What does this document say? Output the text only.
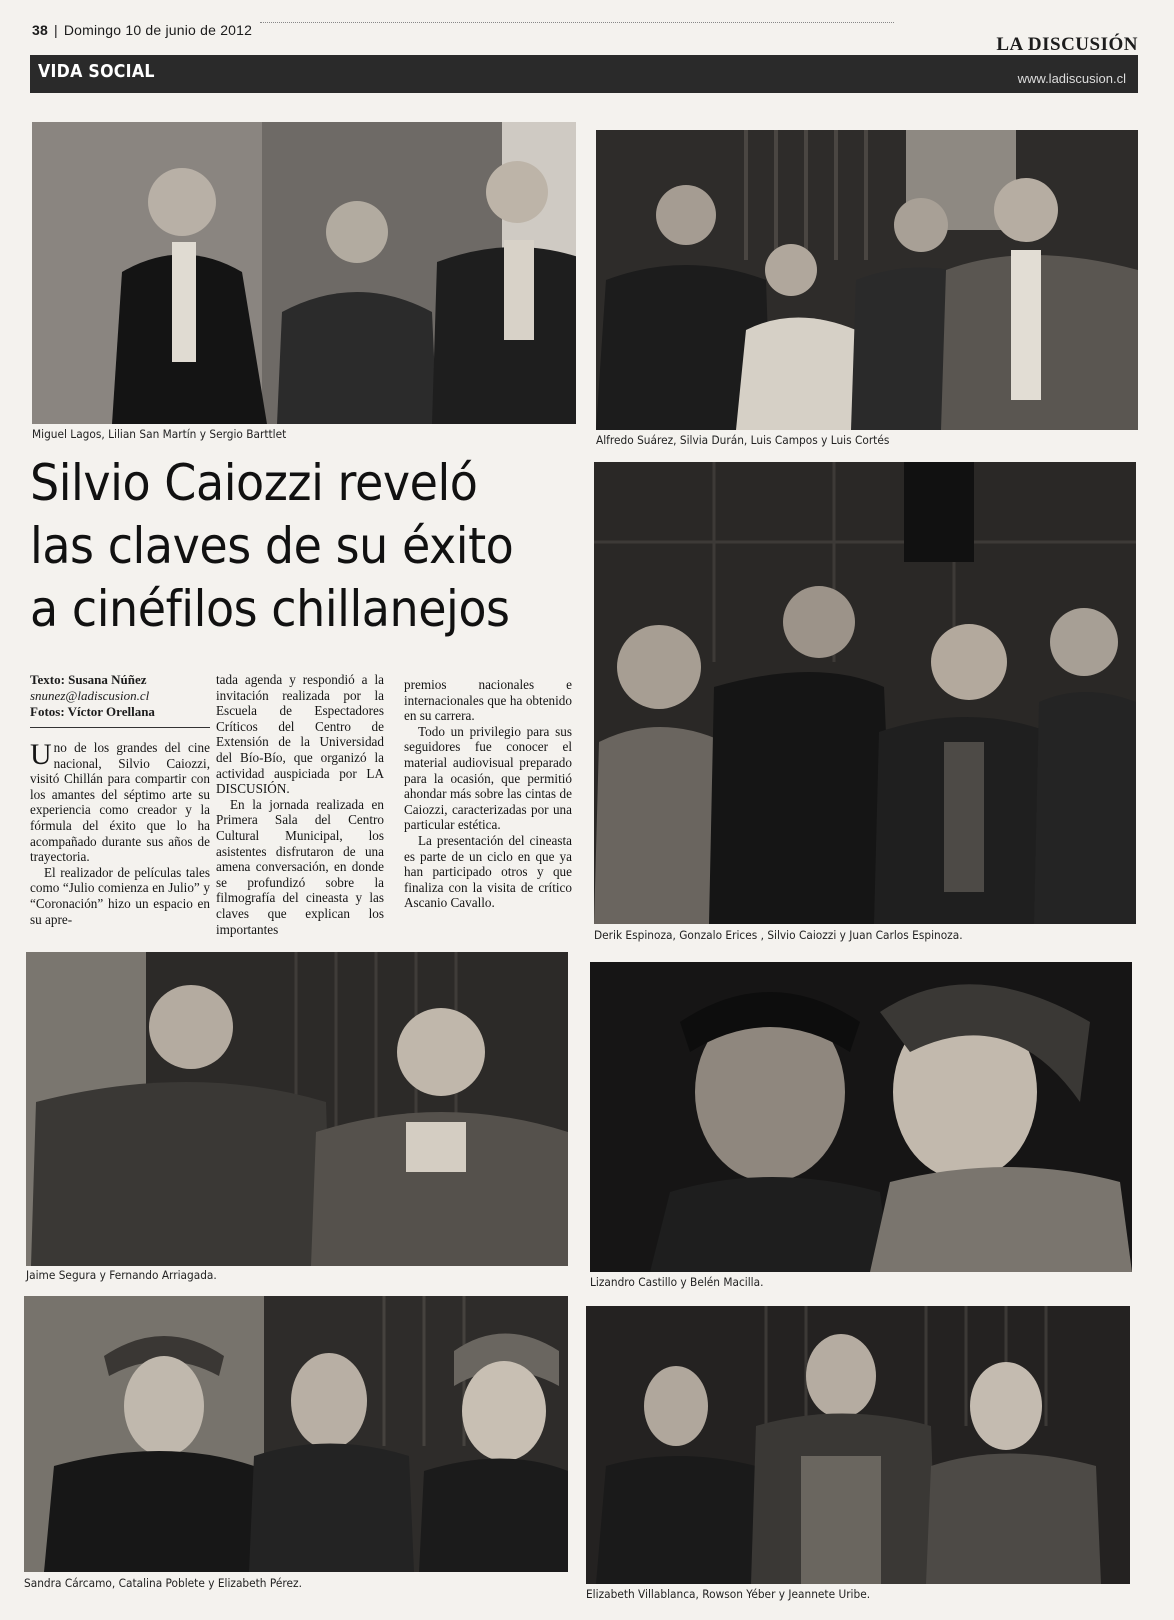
38 | Domingo 10 de junio de 2012
LA DISCUSIÓN
VIDA SOCIAL	www.ladiscusion.cl
Miguel Lagos, Lilian San Martín y Sergio Barttlet	Alfredo Suárez, Silvia Durán, Luis Campos y Luis Cortés
Silvio Caiozzi reveló las claves de su éxito a cinéfilos chillanejos
Texto: Susana Núñez
snunez@ladiscusion.cl
Fotos: Víctor Orellana

Uno de los grandes del cine nacional, Silvio Caiozzi, visitó Chillán para compartir con los amantes del séptimo arte su experiencia como creador y la fórmula del éxito que lo ha acompañado durante sus años de trayectoria.

El realizador de películas tales como “Julio comienza en Julio” y “Coronación” hizo un espacio en su apre-

tada agenda y respondió a la invitación realizada por la Escuela de Espectadores Críticos del Centro de Extensión de la Universidad del Bío-Bío, que organizó la actividad auspiciada por LA DISCUSIÓN.

En la jornada realizada en Primera Sala del Centro Cultural Municipal, los asistentes disfrutaron de una amena conversación, en donde se profundizó sobre la filmografía del cineasta y las claves que explican los importantes

premios nacionales e internacionales que ha obtenido en su carrera.

Todo un privilegio para sus seguidores fue conocer el material audiovisual preparado para la ocasión, que permitió ahondar más sobre las cintas de Caiozzi, caracterizadas por una particular estética.

La presentación del cineasta es parte de un ciclo en que ya han participado otros y que finaliza con la visita de crítico Ascanio Cavallo.

Derik Espinoza, Gonzalo Erices , Silvio Caiozzi y Juan Carlos Espinoza.
Jaime Segura y Fernando Arriagada.	Lizandro Castillo y Belén Macilla.
Sandra Cárcamo, Catalina Poblete y Elizabeth Pérez.
Elizabeth Villablanca, Rowson Yéber y Jeannete Uribe.
